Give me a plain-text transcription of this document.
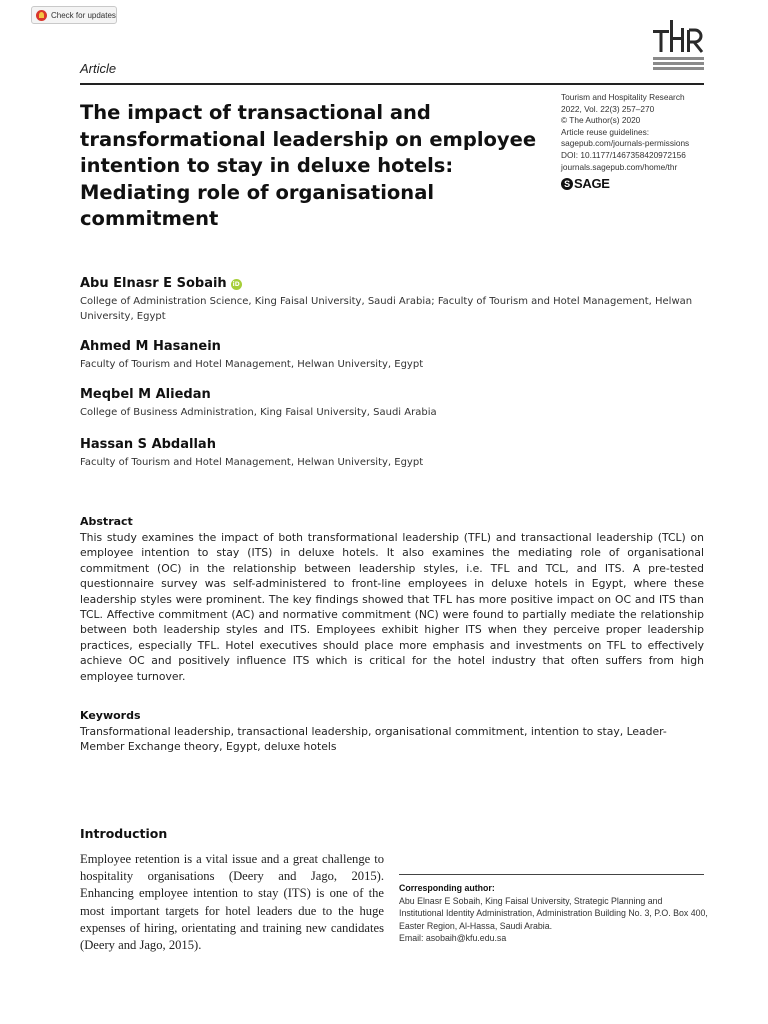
Check for updates
Article
The impact of transactional and transformational leadership on employee intention to stay in deluxe hotels: Mediating role of organisational commitment
Tourism and Hospitality Research
2022, Vol. 22(3) 257–270
© The Author(s) 2020
Article reuse guidelines:
sagepub.com/journals-permissions
DOI: 10.1177/1467358420972156
journals.sagepub.com/home/thr
S SAGE
Abu Elnasr E Sobaih iD
College of Administration Science, King Faisal University, Saudi Arabia; Faculty of Tourism and Hotel Management, Helwan University, Egypt
Ahmed M Hasanein
Faculty of Tourism and Hotel Management, Helwan University, Egypt
Meqbel M Aliedan
College of Business Administration, King Faisal University, Saudi Arabia
Hassan S Abdallah
Faculty of Tourism and Hotel Management, Helwan University, Egypt
Abstract

This study examines the impact of both transformational leadership (TFL) and transactional leadership (TCL) on employee intention to stay (ITS) in deluxe hotels. It also examines the mediating role of organisational commitment (OC) in the relationship between leadership styles, i.e. TFL and TCL, and ITS. A pre-tested questionnaire survey was self-administered to front-line employees in deluxe hotels in Egypt, where these leadership styles were prominent. The key findings showed that TFL has more positive impact on OC and ITS than TCL. Affective commitment (AC) and normative commitment (NC) were found to partially mediate the relationship between both leadership styles and ITS. Employees exhibit higher ITS when they perceive proper leadership practices, especially TFL. Hotel executives should place more emphasis and investments on TFL to effectively achieve OC and positively influence ITS which is critical for the hotel industry that often suffers from high employee turnover.

Keywords

Transformational leadership, transactional leadership, organisational commitment, intention to stay, Leader-Member Exchange theory, Egypt, deluxe hotels

Introduction

Employee retention is a vital issue and a great challenge to hospitality organisations (Deery and Jago, 2015). Enhancing employee intention to stay (ITS) is one of the most important targets for hotel leaders due to the huge expenses of hiring, orientating and training new candidates (Deery and Jago, 2015).

Corresponding author:
Abu Elnasr E Sobaih, King Faisal University, Strategic Planning and Institutional Identity Administration, Administration Building No. 3, P.O. Box 400, Easter Region, Al-Hassa, Saudi Arabia.
Email: asobaih@kfu.edu.sa
